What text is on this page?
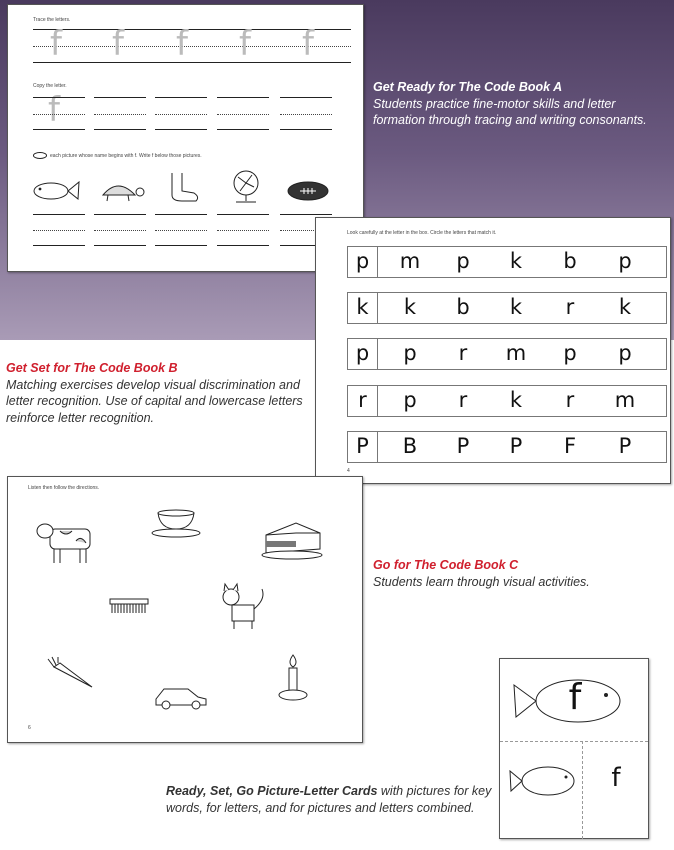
Trace the letters.
f f f f f
Copy the letter.
f
each picture whose name begins with f. Write f below those pictures.
Get Ready for The Code Book A
Students practice fine-motor skills and letter formation through tracing and writing consonants.
Look carefully at the letter in the box. Circle the letters that match it.
p	m	p	k	b	p
k	k	b	k	r	k
p	p	r	m	p	p
r	p	r	k	r	m
P	B	P	P	F	P
4
Get Set for The Code Book B
Matching exercises develop visual discrimination and letter recognition. Use of capital and lowercase letters reinforce letter recognition.
Listen then follow the directions.
6
Go for The Code Book C
Students learn through visual activities.
f
f
Ready, Set, Go Picture-Letter Cards with pictures for key words, for letters, and for pictures and letters combined.
